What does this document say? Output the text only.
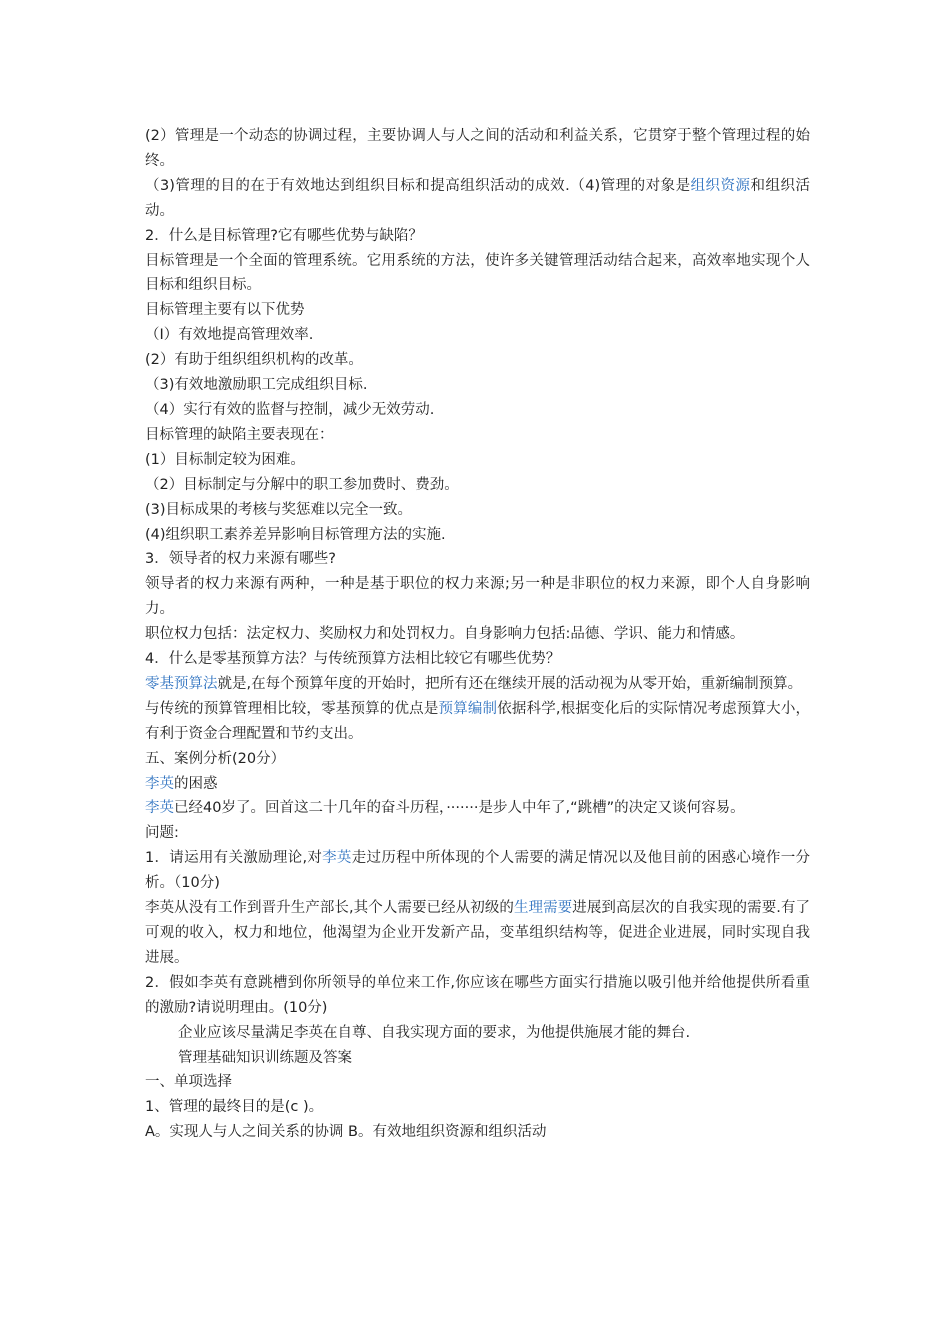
(2）管理是一个动态的协调过程，主要协调人与人之间的活动和利益关系，它贯穿于整个管理过程的始终。

（3)管理的目的在于有效地达到组织目标和提高组织活动的成效.（4)管理的对象是组织资源和组织活动。

2．什么是目标管理?它有哪些优势与缺陷？

目标管理是一个全面的管理系统。它用系统的方法，使许多关键管理活动结合起来，高效率地实现个人目标和组织目标。

目标管理主要有以下优势

（I）有效地提高管理效率.

(2）有助于组织组织机构的改革。

（3)有效地激励职工完成组织目标.

（4）实行有效的监督与控制，减少无效劳动.

目标管理的缺陷主要表现在：

(1）目标制定较为困难。

（2）目标制定与分解中的职工参加费时、费劲。

(3)目标成果的考核与奖惩难以完全一致。

(4)组织职工素养差异影响目标管理方法的实施.

3．领导者的权力来源有哪些?

领导者的权力来源有两种，一种是基于职位的权力来源;另一种是非职位的权力来源，即个人自身影响力。

职位权力包括：法定权力、奖励权力和处罚权力。自身影响力包括:品德、学识、能力和情感。

4．什么是零基预算方法？与传统预算方法相比较它有哪些优势？

零基预算法就是,在每个预算年度的开始时，把所有还在继续开展的活动视为从零开始，重新编制预算。

与传统的预算管理相比较，零基预算的优点是预算编制依据科学,根据变化后的实际情况考虑预算大小，有利于资金合理配置和节约支出。

五、案例分析(20分）

李英的困惑

李英已经40岁了。回首这二十几年的奋斗历程，·······是步人中年了,“跳槽”的决定又谈何容易。

问题:

1．请运用有关激励理论,对李英走过历程中所体现的个人需要的满足情况以及他目前的困惑心境作一分析。（10分)

李英从没有工作到晋升生产部长,其个人需要已经从初级的生理需要进展到高层次的自我实现的需要.有了可观的收入，权力和地位，他渴望为企业开发新产品，变革组织结构等，促进企业进展，同时实现自我进展。

2．假如李英有意跳槽到你所领导的单位来工作,你应该在哪些方面实行措施以吸引他并给他提供所看重的激励?请说明理由。(10分)

企业应该尽量满足李英在自尊、自我实现方面的要求，为他提供施展才能的舞台.

管理基础知识训练题及答案

一、单项选择

1、管理的最终目的是(c )。

A。实现人与人之间关系的协调 B。有效地组织资源和组织活动
